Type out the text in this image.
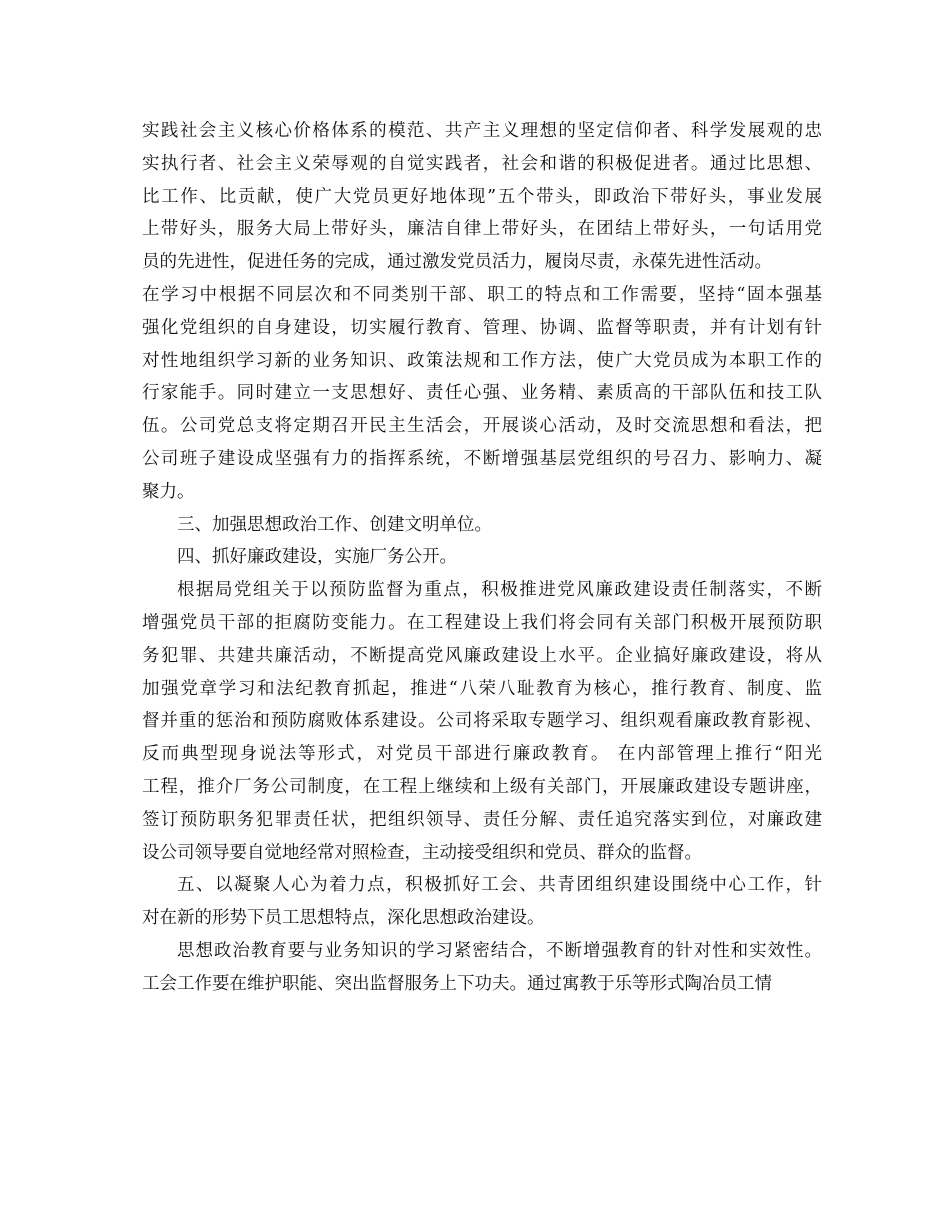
实践社会主义核心价格体系的模范、共产主义理想的坚定信仰者、科学发展观的忠
实执行者、社会主义荣辱观的自觉实践者，社会和谐的积极促进者。通过比思想、
比工作、比贡献，使广大党员更好地体现”五个带头，即政治下带好头，事业发展
上带好头，服务大局上带好头，廉洁自律上带好头，在团结上带好头，一句话用党
员的先进性，促进任务的完成，通过激发党员活力，履岗尽责，永葆先进性活动。
在学习中根据不同层次和不同类别干部、职工的特点和工作需要，坚持“固本强基
强化党组织的自身建设，切实履行教育、管理、协调、监督等职责，并有计划有针
对性地组织学习新的业务知识、政策法规和工作方法，使广大党员成为本职工作的
行家能手。同时建立一支思想好、责任心强、业务精、素质高的干部队伍和技工队
伍。公司党总支将定期召开民主生活会，开展谈心活动，及时交流思想和看法，把
公司班子建设成坚强有力的指挥系统，不断增强基层党组织的号召力、影响力、凝
聚力。
三、加强思想政治工作、创建文明单位。
四、抓好廉政建设，实施厂务公开。
根据局党组关于以预防监督为重点，积极推进党风廉政建设责任制落实，不断
增强党员干部的拒腐防变能力。在工程建设上我们将会同有关部门积极开展预防职
务犯罪、共建共廉活动，不断提高党风廉政建设上水平。企业搞好廉政建设，将从
加强党章学习和法纪教育抓起，推进“八荣八耻教育为核心，推行教育、制度、监
督并重的惩治和预防腐败体系建设。公司将采取专题学习、组织观看廉政教育影视、
反而典型现身说法等形式，对党员干部进行廉政教育。 在内部管理上推行“阳光
工程，推介厂务公司制度，在工程上继续和上级有关部门，开展廉政建设专题讲座，
签订预防职务犯罪责任状，把组织领导、责任分解、责任追究落实到位，对廉政建
设公司领导要自觉地经常对照检查，主动接受组织和党员、群众的监督。
五、以凝聚人心为着力点，积极抓好工会、共青团组织建设围绕中心工作，针
对在新的形势下员工思想特点，深化思想政治建设。
思想政治教育要与业务知识的学习紧密结合，不断增强教育的针对性和实效性。
工会工作要在维护职能、突出监督服务上下功夫。通过寓教于乐等形式陶冶员工情
